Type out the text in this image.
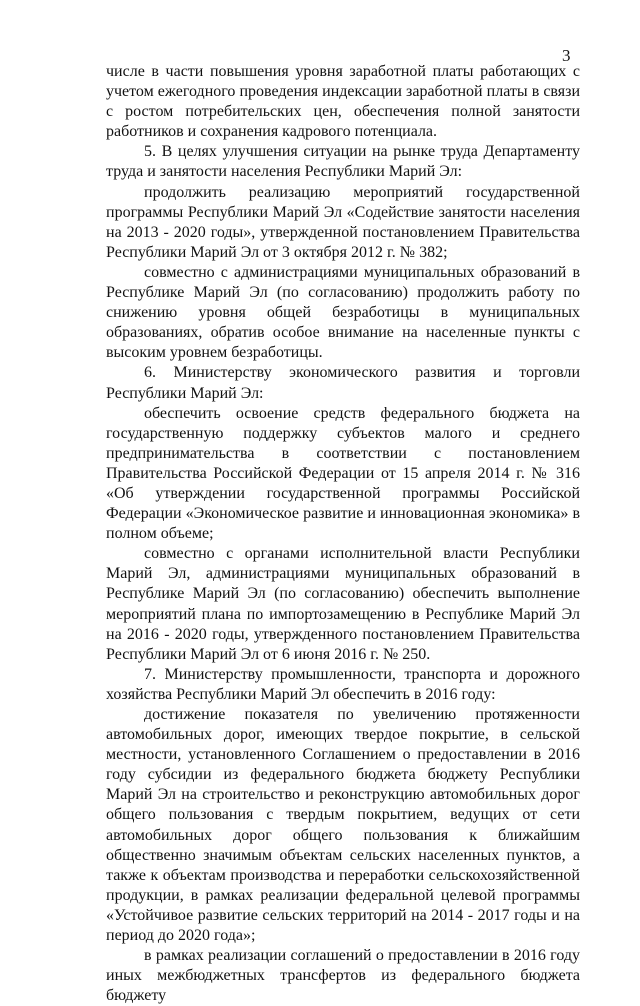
3

числе в части повышения уровня заработной платы работающих с учетом ежегодного проведения индексации заработной платы в связи с ростом потребительских цен, обеспечения полной занятости работников и сохранения кадрового потенциала.

5. В целях улучшения ситуации на рынке труда Департаменту труда и занятости населения Республики Марий Эл:

продолжить реализацию мероприятий государственной программы Республики Марий Эл «Содействие занятости населения на 2013 - 2020 годы», утвержденной постановлением Правительства Республики Марий Эл от 3 октября 2012 г. № 382;

совместно с администрациями муниципальных образований в Республике Марий Эл (по согласованию) продолжить работу по снижению уровня общей безработицы в муниципальных образованиях, обратив особое внимание на населенные пункты с высоким уровнем безработицы.

6. Министерству экономического развития и торговли Республики Марий Эл:

обеспечить освоение средств федерального бюджета на государственную поддержку субъектов малого и среднего предпринимательства в соответствии с постановлением Правительства Российской Федерации от 15 апреля 2014 г. № 316 «Об утверждении государственной программы Российской Федерации «Экономическое развитие и инновационная экономика» в полном объеме;

совместно с органами исполнительной власти Республики Марий Эл, администрациями муниципальных образований в Республике Марий Эл (по согласованию) обеспечить выполнение мероприятий плана по импортозамещению в Республике Марий Эл на 2016 - 2020 годы, утвержденного постановлением Правительства Республики Марий Эл от 6 июня 2016 г. № 250.

7. Министерству промышленности, транспорта и дорожного хозяйства Республики Марий Эл обеспечить в 2016 году:

достижение показателя по увеличению протяженности автомобильных дорог, имеющих твердое покрытие, в сельской местности, установленного Соглашением о предоставлении в 2016 году субсидии из федерального бюджета бюджету Республики Марий Эл на строительство и реконструкцию автомобильных дорог общего пользования с твердым покрытием, ведущих от сети автомобильных дорог общего пользования к ближайшим общественно значимым объектам сельских населенных пунктов, а также к объектам производства и переработки сельскохозяйственной продукции, в рамках реализации федеральной целевой программы «Устойчивое развитие сельских территорий на 2014 - 2017 годы и на период до 2020 года»;

в рамках реализации соглашений о предоставлении в 2016 году иных межбюджетных трансфертов из федерального бюджета бюджету
